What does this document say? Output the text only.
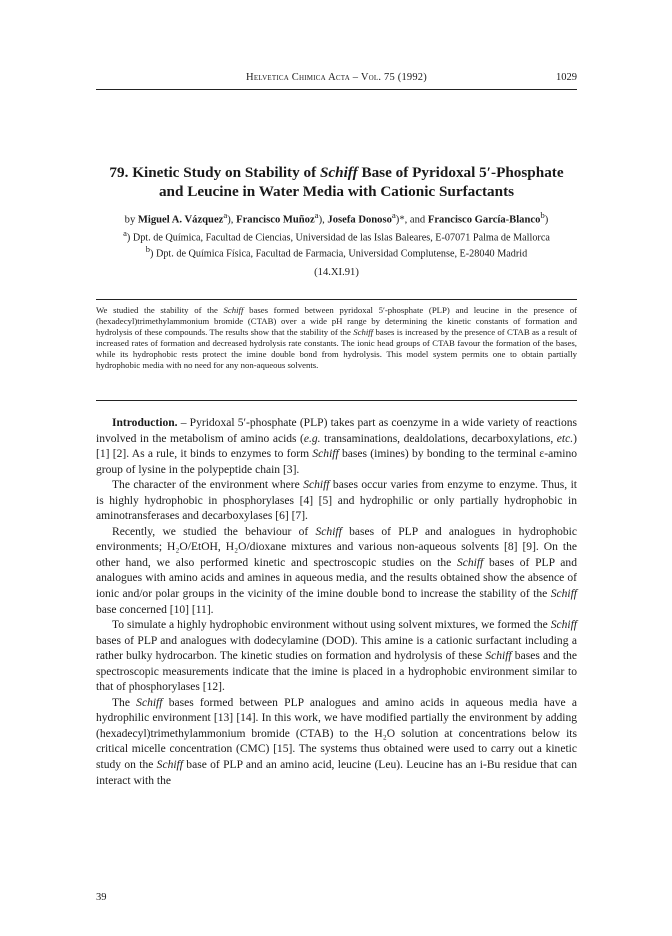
Helvetica Chimica Acta – Vol. 75 (1992)	1029
79. Kinetic Study on Stability of Schiff Base of Pyridoxal 5′-Phosphate
and Leucine in Water Media with Cationic Surfactants
by Miguel A. Vázquez$^a$), Francisco Muñoz$^a$), Josefa Donoso$^a$)*, and Francisco García-Blanco$^b$)
$^a$) Dpt. de Química, Facultad de Ciencias, Universidad de las Islas Baleares, E-07071 Palma de Mallorca
$^b$) Dpt. de Química Física, Facultad de Farmacia, Universidad Complutense, E-28040 Madrid
(14.XI.91)
We studied the stability of the Schiff bases formed between pyridoxal 5′-phosphate (PLP) and leucine in the presence of (hexadecyl)trimethylammonium bromide (CTAB) over a wide pH range by determining the kinetic constants of formation and hydrolysis of these compounds. The results show that the stability of the Schiff bases is increased by the presence of CTAB as a result of increased rates of formation and decreased hydrolysis rate constants. The ionic head groups of CTAB favour the formation of the bases, while its hydrophobic rests protect the imine double bond from hydrolysis. This model system permits one to obtain partially hydrophobic media with no need for any non-aqueous solvents.

Introduction. – Pyridoxal 5′-phosphate (PLP) takes part as coenzyme in a wide variety of reactions involved in the metabolism of amino acids (e.g. transaminations, dealdolations, decarboxylations, etc.) [1] [2]. As a rule, it binds to enzymes to form Schiff bases (imines) by bonding to the terminal ε-amino group of lysine in the polypeptide chain [3].

The character of the environment where Schiff bases occur varies from enzyme to enzyme. Thus, it is highly hydrophobic in phosphorylases [4] [5] and hydrophilic or only partially hydrophobic in aminotransferases and decarboxylases [6] [7].

Recently, we studied the behaviour of Schiff bases of PLP and analogues in hydrophobic environments; H₂O/EtOH, H₂O/dioxane mixtures and various non-aqueous solvents [8] [9]. On the other hand, we also performed kinetic and spectroscopic studies on the Schiff bases of PLP and analogues with amino acids and amines in aqueous media, and the results obtained show the absence of ionic and/or polar groups in the vicinity of the imine double bond to increase the stability of the Schiff base concerned [10] [11].

To simulate a highly hydrophobic environment without using solvent mixtures, we formed the Schiff bases of PLP and analogues with dodecylamine (DOD). This amine is a cationic surfactant including a rather bulky hydrocarbon. The kinetic studies on formation and hydrolysis of these Schiff bases and the spectroscopic measurements indicate that the imine is placed in a hydrophobic environment similar to that of phosphorylases [12].

The Schiff bases formed between PLP analogues and amino acids in aqueous media have a hydrophilic environment [13] [14]. In this work, we have modified partially the environment by adding (hexadecyl)trimethylammonium bromide (CTAB) to the H₂O solution at concentrations below its critical micelle concentration (CMC) [15]. The systems thus obtained were used to carry out a kinetic study on the Schiff base of PLP and an amino acid, leucine (Leu). Leucine has an i-Bu residue that can interact with the

39
